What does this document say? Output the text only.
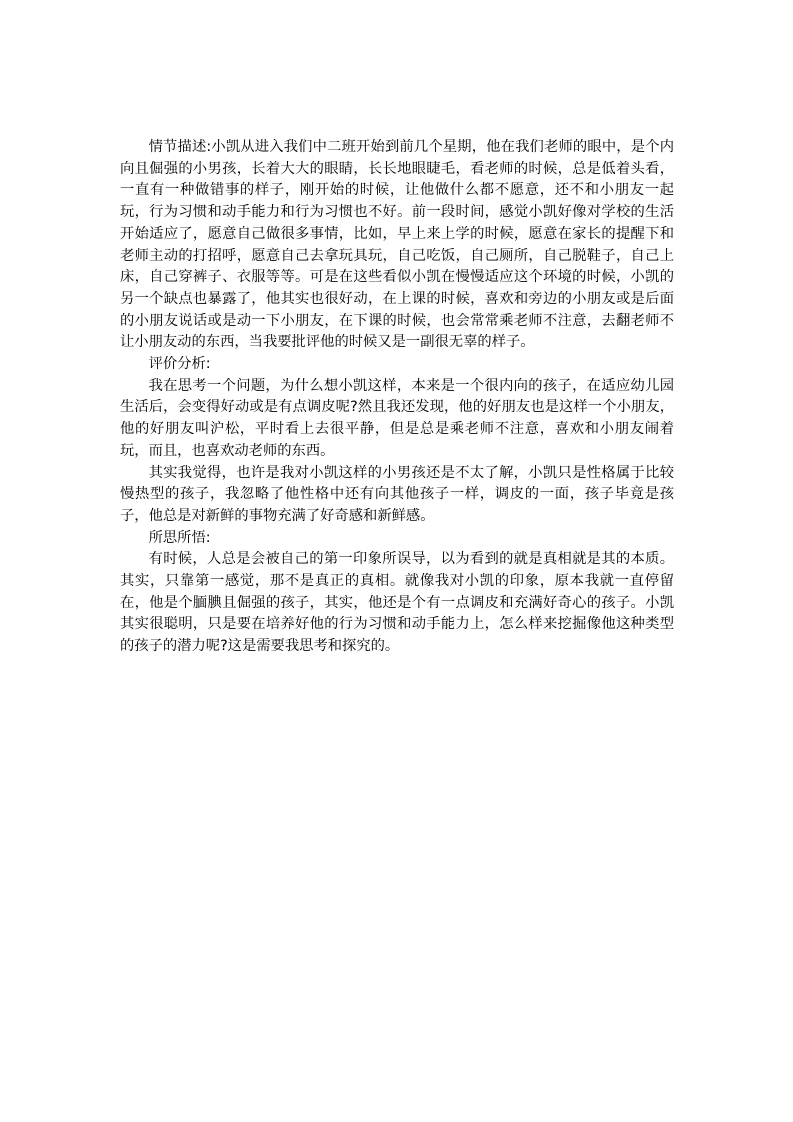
情节描述:小凯从进入我们中二班开始到前几个星期，他在我们老师的眼中，是个内向且倔强的小男孩，长着大大的眼睛，长长地眼睫毛，看老师的时候，总是低着头看，一直有一种做错事的样子，刚开始的时候，让他做什么都不愿意，还不和小朋友一起玩，行为习惯和动手能力和行为习惯也不好。前一段时间，感觉小凯好像对学校的生活开始适应了，愿意自己做很多事情，比如，早上来上学的时候，愿意在家长的提醒下和老师主动的打招呼，愿意自己去拿玩具玩，自己吃饭，自己厕所，自己脱鞋子，自己上床，自己穿裤子、衣服等等。可是在这些看似小凯在慢慢适应这个环境的时候，小凯的另一个缺点也暴露了，他其实也很好动，在上课的时候，喜欢和旁边的小朋友或是后面的小朋友说话或是动一下小朋友，在下课的时候，也会常常乘老师不注意，去翻老师不让小朋友动的东西，当我要批评他的时候又是一副很无辜的样子。

评价分析:

我在思考一个问题，为什么想小凯这样，本来是一个很内向的孩子，在适应幼儿园生活后，会变得好动或是有点调皮呢?然且我还发现，他的好朋友也是这样一个小朋友，他的好朋友叫沪松，平时看上去很平静，但是总是乘老师不注意，喜欢和小朋友闹着玩，而且，也喜欢动老师的东西。

其实我觉得，也许是我对小凯这样的小男孩还是不太了解，小凯只是性格属于比较慢热型的孩子，我忽略了他性格中还有向其他孩子一样，调皮的一面，孩子毕竟是孩子，他总是对新鲜的事物充满了好奇感和新鲜感。

所思所悟:

有时候，人总是会被自己的第一印象所误导，以为看到的就是真相就是其的本质。其实，只靠第一感觉，那不是真正的真相。就像我对小凯的印象，原本我就一直停留在，他是个腼腆且倔强的孩子，其实，他还是个有一点调皮和充满好奇心的孩子。小凯其实很聪明，只是要在培养好他的行为习惯和动手能力上，怎么样来挖掘像他这种类型的孩子的潜力呢?这是需要我思考和探究的。
